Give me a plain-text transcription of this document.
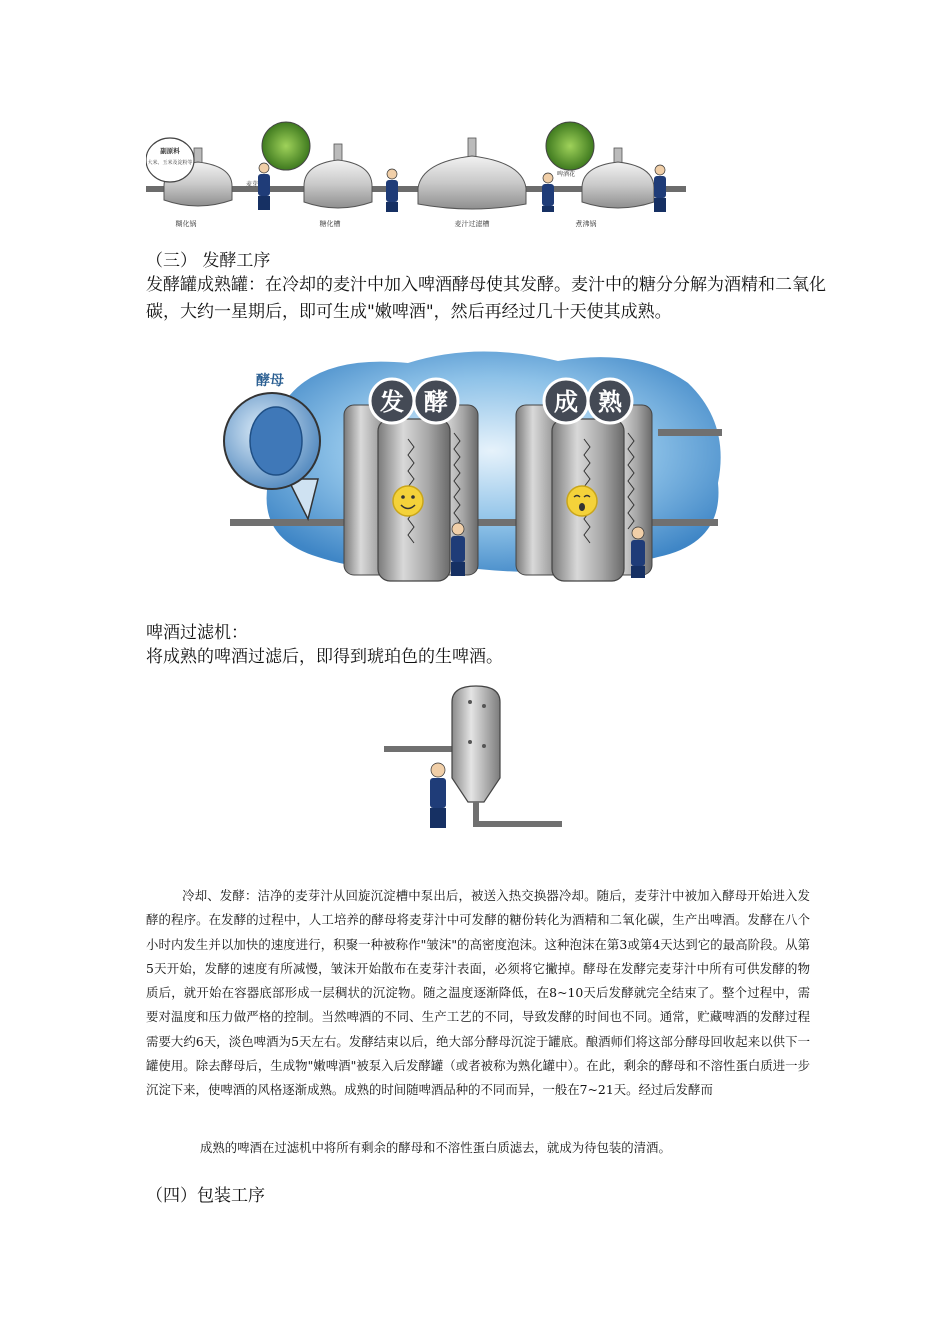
副原料
大米、玉米及淀粉等
麦芽
啤酒花
糊化锅	糖化槽	麦汁过滤槽	煮沸锅
（三） 发酵工序
发酵罐成熟罐：在冷却的麦汁中加入啤酒酵母使其发酵。麦汁中的糖分分解为酒精和二氧化碳，大约一星期后，即可生成"嫩啤酒"，然后再经过几十天使其成熟。
酵母
发 酵	成 熟
啤酒过滤机：
将成熟的啤酒过滤后，即得到琥珀色的生啤酒。
冷却、发酵：洁净的麦芽汁从回旋沉淀槽中泵出后，被送入热交换器冷却。随后，麦芽汁中被加入酵母开始进入发酵的程序。在发酵的过程中，人工培养的酵母将麦芽汁中可发酵的糖份转化为酒精和二氧化碳，生产出啤酒。发酵在八个小时内发生并以加快的速度进行，积聚一种被称作"皱沫"的高密度泡沫。这种泡沫在第3或第4天达到它的最高阶段。从第5天开始，发酵的速度有所减慢，皱沫开始散布在麦芽汁表面，必须将它撇掉。酵母在发酵完麦芽汁中所有可供发酵的物质后，就开始在容器底部形成一层稠状的沉淀物。随之温度逐渐降低，在8~10天后发酵就完全结束了。整个过程中，需要对温度和压力做严格的控制。当然啤酒的不同、生产工艺的不同，导致发酵的时间也不同。通常，贮藏啤酒的发酵过程需要大约6天，淡色啤酒为5天左右。发酵结束以后，绝大部分酵母沉淀于罐底。酿酒师们将这部分酵母回收起来以供下一罐使用。除去酵母后，生成物"嫩啤酒"被泵入后发酵罐（或者被称为熟化罐中）。在此，剩余的酵母和不溶性蛋白质进一步沉淀下来，使啤酒的风格逐渐成熟。成熟的时间随啤酒品种的不同而异，一般在7~21天。经过后发酵而
成熟的啤酒在过滤机中将所有剩余的酵母和不溶性蛋白质滤去，就成为待包装的清酒。
（四）包装工序
